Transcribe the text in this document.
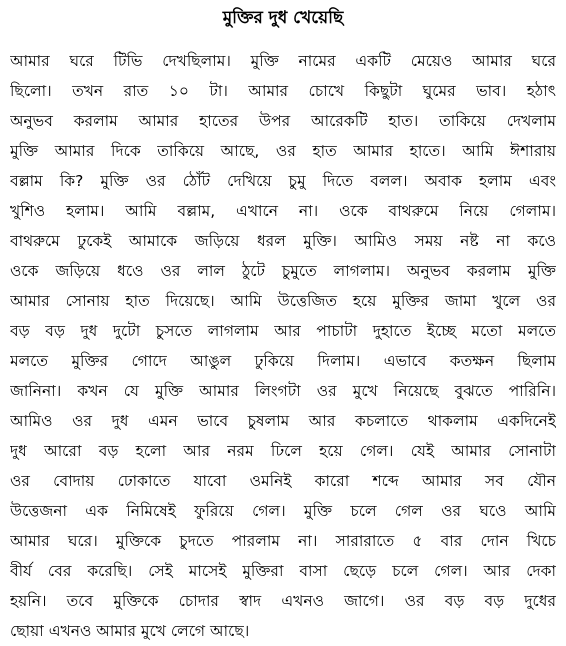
মুক্তির দুধ খেয়েছি
আমার ঘরে টিভি দেখছিলাম। মুক্তি নামের একটি মেয়েও আমার ঘরে
ছিলো। তখন রাত ১০ টা। আমার চোখে কিছুটা ঘুমের ভাব। হঠাৎ
অনুভব করলাম আমার হাতের উপর আরেকটি হাত। তাকিয়ে দেখলাম
মুক্তি আমার দিকে তাকিয়ে আছে, ওর হাত আমার হাতে। আমি ঈশারায়
বল্লাম কি? মুক্তি ওর ঠোঁট দেখিয়ে চুমু দিতে বলল। অবাক হলাম এবং
খুশিও হলাম। আমি বল্লাম, এখানে না। ওকে বাথরুমে নিয়ে গেলাম।
বাথরুমে ঢুকেই আমাকে জড়িয়ে ধরল মুক্তি। আমিও সময় নষ্ট না কওে
ওকে জড়িয়ে ধওে ওর লাল ঠুটে চুমুতে লাগলাম। অনুভব করলাম মুক্তি
আমার সোনায় হাত দিয়েছে। আমি উত্তেজিত হয়ে মুক্তির জামা খুলে ওর
বড় বড় দুধ দুটো চুসতে লাগলাম আর পাচাটা দুহাতে ইচ্ছে মতো মলতে
মলতে মুক্তির গোদে আঙুল ঢুকিয়ে দিলাম। এভাবে কতক্ষন ছিলাম
জানিনা। কখন যে মুক্তি আমার লিংগটা ওর মুখে নিয়েছে বুঝতে পারিনি।
আমিও ওর দুধ এমন ভাবে চুষলাম আর কচলাতে থাকলাম একদিনেই
দুধ আরো বড় হলো আর নরম ঢিলে হয়ে গেল। যেই আমার সোনাটা
ওর বোদায় ঢোকাতে যাবো ওমনিই কারো শব্দে আমার সব যৌন
উত্তেজনা এক নিমিষেই ফুরিয়ে গেল। মুক্তি চলে গেল ওর ঘওে আমি
আমার ঘরে। মুক্তিকে চুদতে পারলাম না। সারারাতে ৫ বার দোন খিচে
বীর্য বের করেছি। সেই মাসেই মুক্তিরা বাসা ছেড়ে চলে গেল। আর দেকা
হয়নি। তবে মুক্তিকে চোদার স্বাদ এখনও জাগে। ওর বড় বড় দুধের
ছোয়া এখনও আমার মুখে লেগে আছে।
